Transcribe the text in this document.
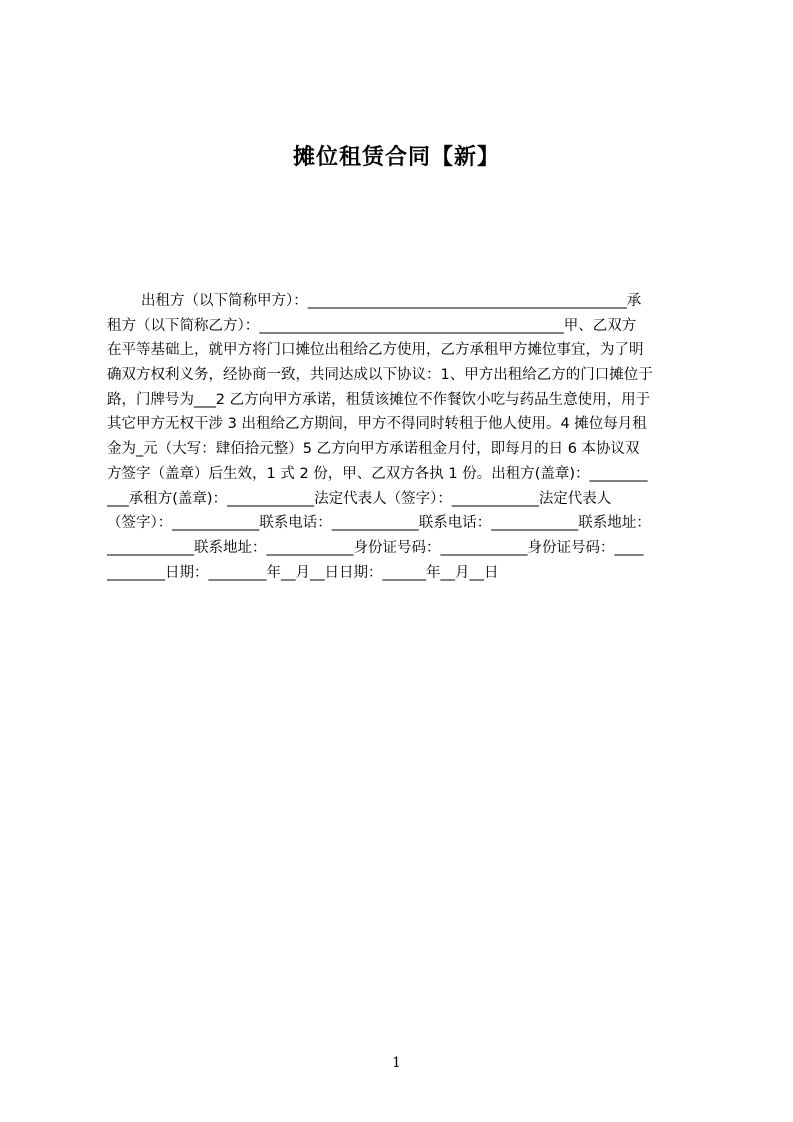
摊位租赁合同【新】
出租方（以下简称甲方）：____________________________________________承
租方（以下简称乙方）：__________________________________________甲、乙双方
在平等基础上，就甲方将门口摊位出租给乙方使用，乙方承租甲方摊位事宜，为了明
确双方权利义务，经协商一致，共同达成以下协议：1、甲方出租给乙方的门口摊位于
路，门牌号为___2 乙方向甲方承诺，租赁该摊位不作餐饮小吃与药品生意使用，用于
其它甲方无权干涉 3 出租给乙方期间，甲方不得同时转租于他人使用。4 摊位每月租
金为_元（大写：肆佰拾元整）5 乙方向甲方承诺租金月付，即每月的日 6 本协议双
方签字（盖章）后生效，1 式 2 份，甲、乙双方各执 1 份。出租方(盖章)：________
___承租方(盖章)：____________法定代表人（签字）：____________法定代表人
（签字）：____________联系电话：____________联系电话：____________联系地址：
____________联系地址：____________身份证号码：____________身份证号码：____
________日期：________年__月__日日期：______年__月__日
1
